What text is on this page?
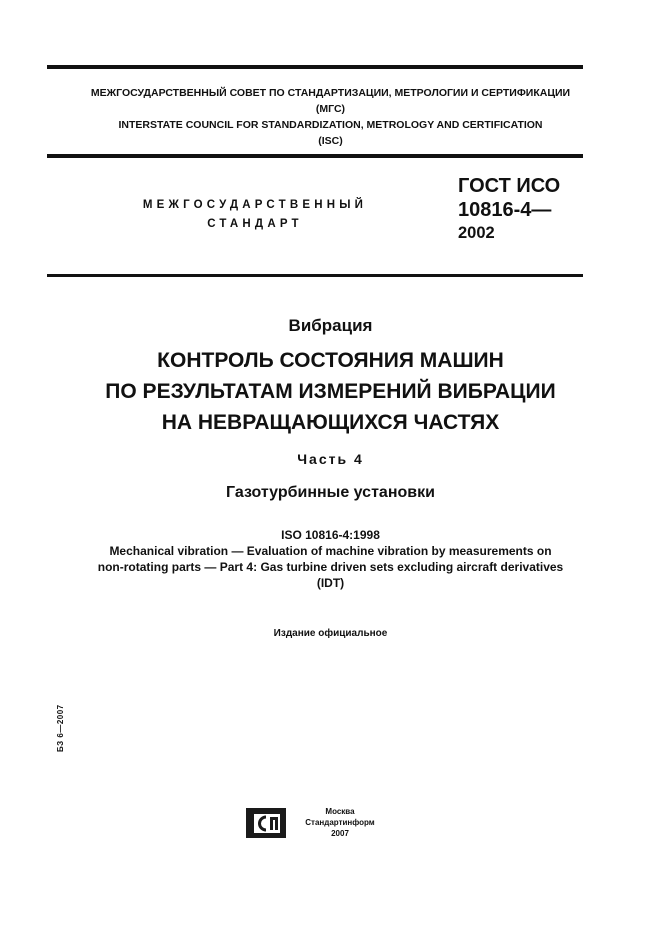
МЕЖГОСУДАРСТВЕННЫЙ СОВЕТ ПО СТАНДАРТИЗАЦИИ, МЕТРОЛОГИИ И СЕРТИФИКАЦИИ
(МГС)
INTERSTATE COUNCIL FOR STANDARDIZATION, METROLOGY AND CERTIFICATION
(ISC)
МЕЖГОСУДАРСТВЕННЫЙ
СТАНДАРТ
ГОСТ ИСО
10816-4—
2002
Вибрация
КОНТРОЛЬ СОСТОЯНИЯ МАШИН
ПО РЕЗУЛЬТАТАМ ИЗМЕРЕНИЙ ВИБРАЦИИ
НА НЕВРАЩАЮЩИХСЯ ЧАСТЯХ
Часть 4
Газотурбинные установки
ISO 10816-4:1998
Mechanical vibration — Evaluation of machine vibration by measurements on
non-rotating parts — Part 4: Gas turbine driven sets excluding aircraft derivatives
(IDT)
Издание официальное
БЗ 6—2007
Москва
Стандартинформ
2007
